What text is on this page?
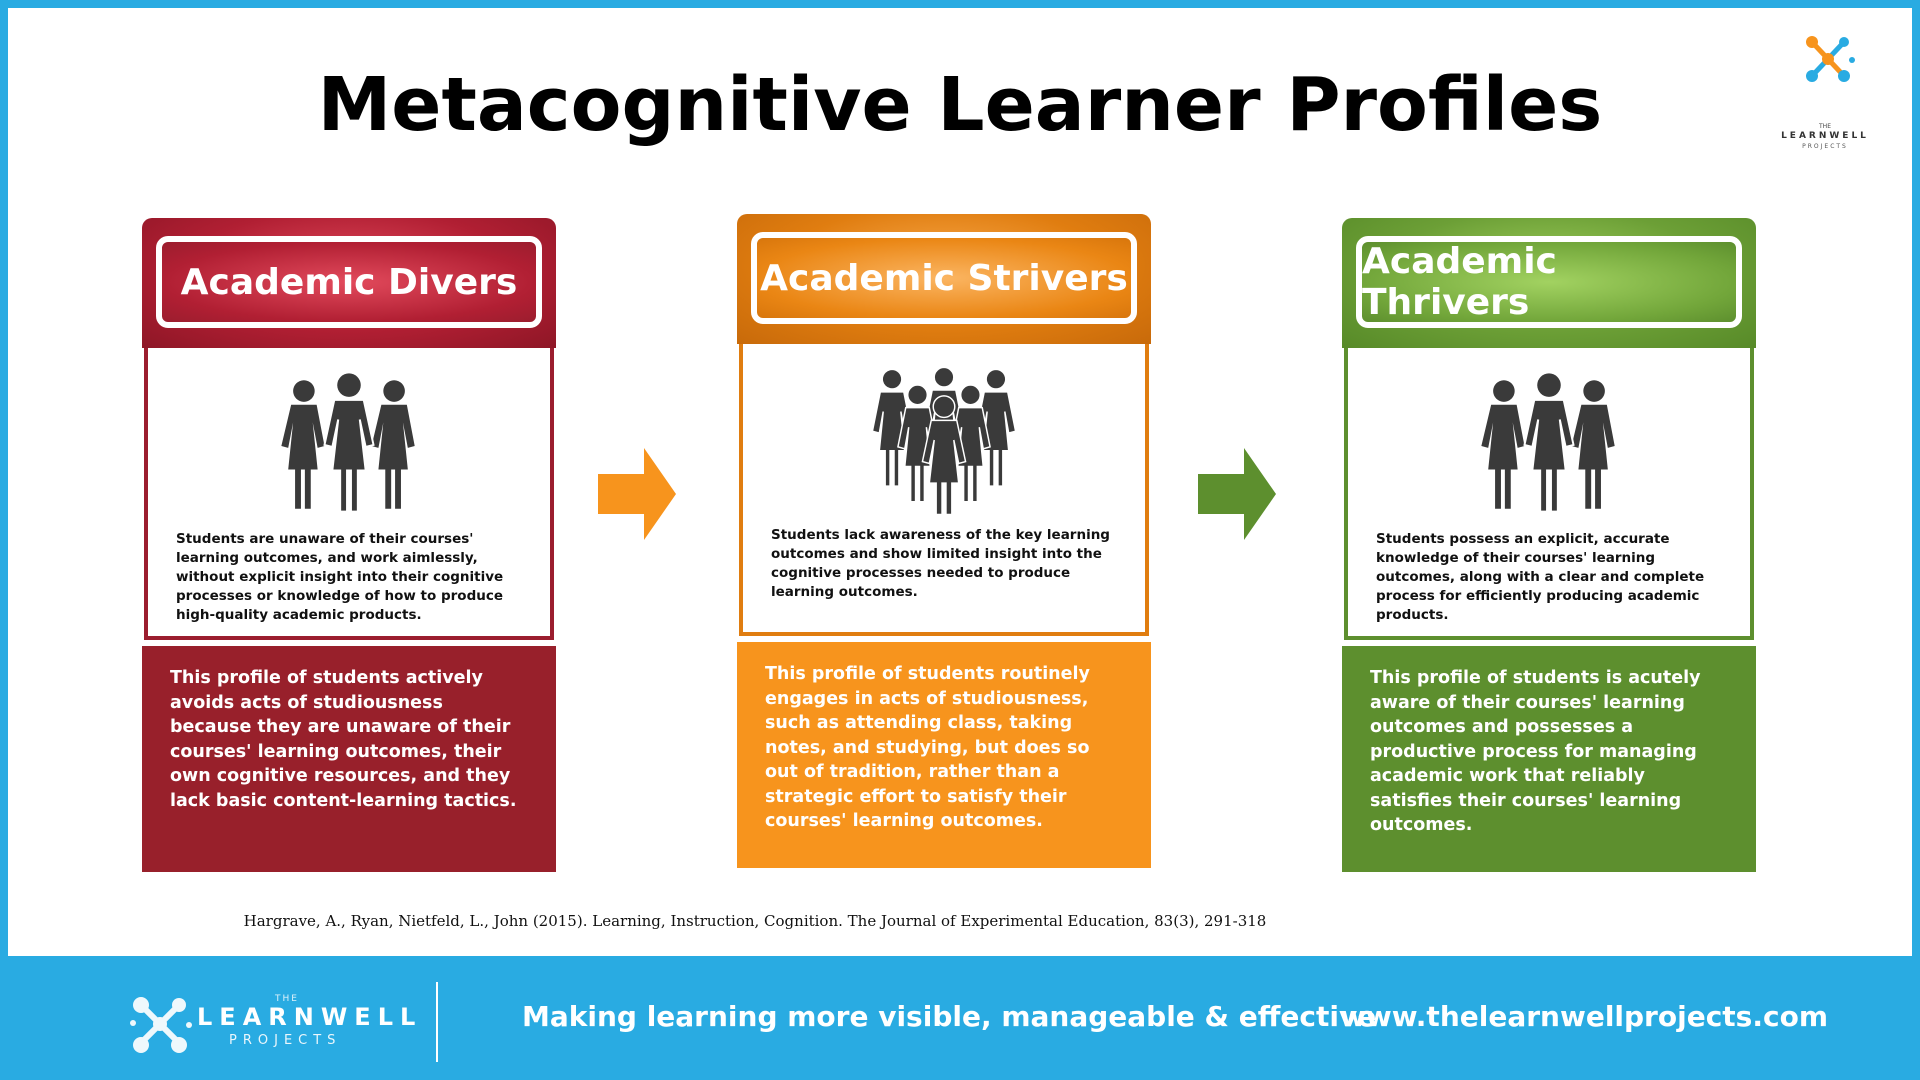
Metacognitive Learner Profiles	THE
LEARNWELL
PROJECTS
Academic Divers
Students are unaware of their courses' learning outcomes, and work aimlessly, without explicit insight into their cognitive processes or knowledge of how to produce high-quality academic products.
This profile of students actively avoids acts of studiousness because they are unaware of their courses' learning outcomes, their own cognitive resources, and they lack basic content-learning tactics.
Academic Strivers
Students lack awareness of the key learning outcomes and show limited insight into the cognitive processes needed to produce learning outcomes.
This profile of students routinely engages in acts of studiousness, such as attending class, taking notes, and studying, but does so out of tradition, rather than a strategic effort to satisfy their courses' learning outcomes.
Academic Thrivers
Students possess an explicit, accurate knowledge of their courses' learning outcomes, along with a clear and complete process for efficiently producing academic products.
This profile of students is acutely aware of their courses' learning outcomes and possesses a productive process for managing academic work that reliably satisfies their courses' learning outcomes.
Hargrave, A., Ryan, Nietfeld, L., John (2015). Learning, Instruction, Cognition. The Journal of Experimental Education, 83(3), 291-318
THE
LEARNWELL
PROJECTS
Making learning more visible, manageable & effective
www.thelearnwellprojects.com
